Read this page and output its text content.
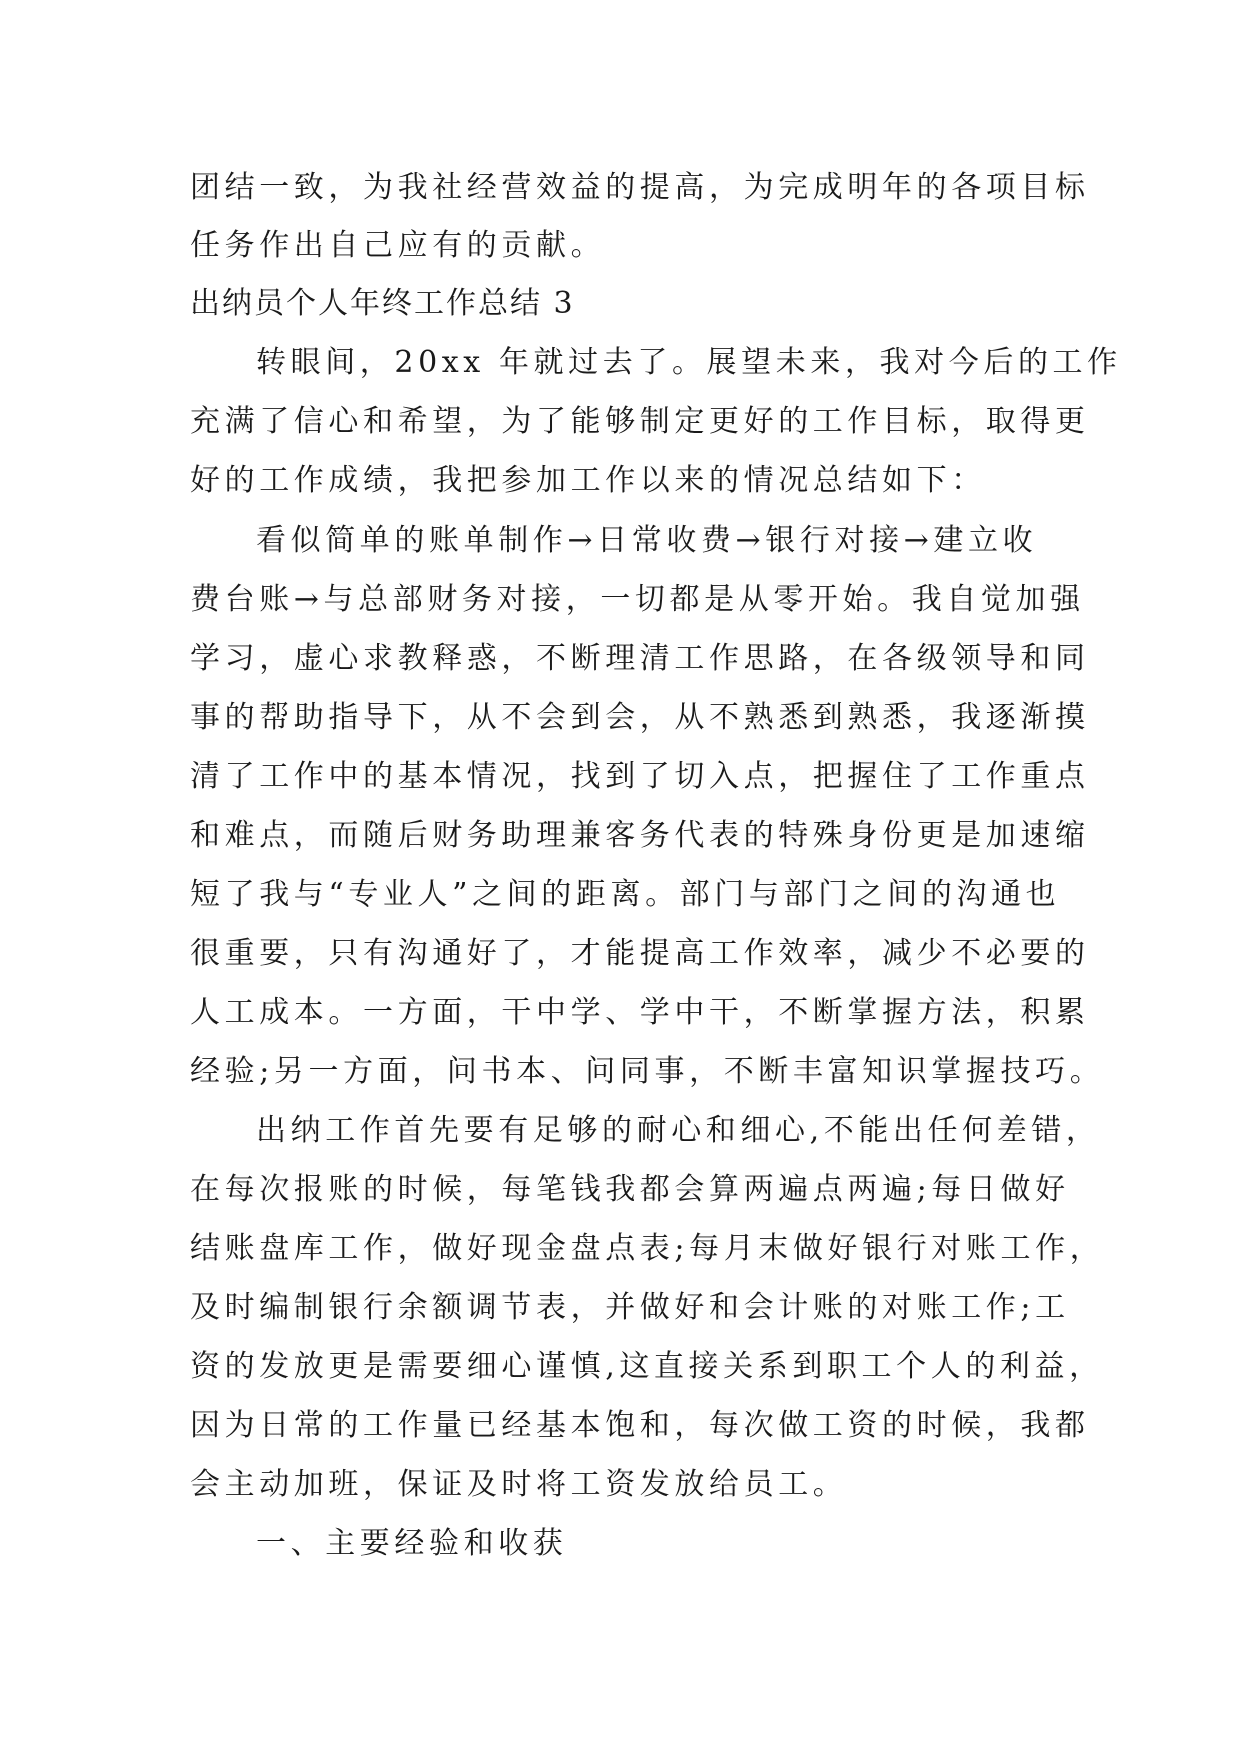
团结一致，为我社经营效益的提高，为完成明年的各项目标
任务作出自己应有的贡献。
出纳员个人年终工作总结 3
转眼间，20xx 年就过去了。展望未来，我对今后的工作
充满了信心和希望，为了能够制定更好的工作目标，取得更
好的工作成绩，我把参加工作以来的情况总结如下：
看似简单的账单制作→日常收费→银行对接→建立收
费台账→与总部财务对接，一切都是从零开始。我自觉加强
学习，虚心求教释惑，不断理清工作思路，在各级领导和同
事的帮助指导下，从不会到会，从不熟悉到熟悉，我逐渐摸
清了工作中的基本情况，找到了切入点，把握住了工作重点
和难点，而随后财务助理兼客务代表的特殊身份更是加速缩
短了我与“专业人”之间的距离。部门与部门之间的沟通也
很重要，只有沟通好了，才能提高工作效率，减少不必要的
人工成本。一方面，干中学、学中干，不断掌握方法，积累
经验;另一方面，问书本、问同事，不断丰富知识掌握技巧。
出纳工作首先要有足够的耐心和细心,不能出任何差错，
在每次报账的时候，每笔钱我都会算两遍点两遍;每日做好
结账盘库工作，做好现金盘点表;每月末做好银行对账工作，
及时编制银行余额调节表，并做好和会计账的对账工作;工
资的发放更是需要细心谨慎,这直接关系到职工个人的利益，
因为日常的工作量已经基本饱和，每次做工资的时候，我都
会主动加班，保证及时将工资发放给员工。
一、主要经验和收获
